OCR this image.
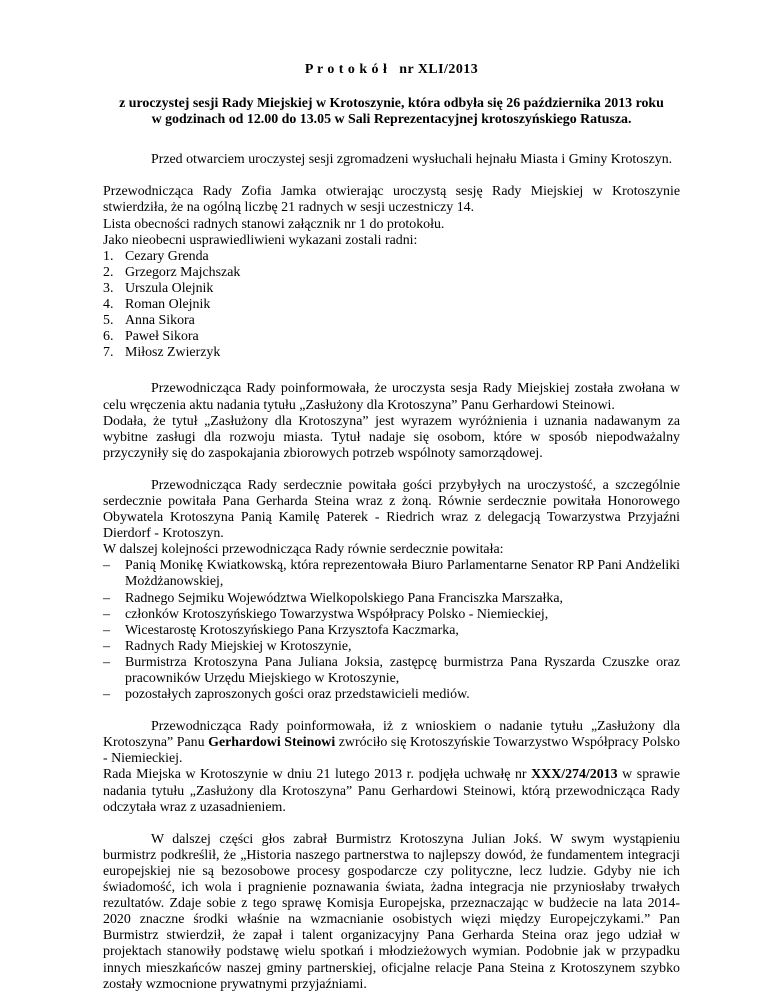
P r o t o k ó ł   nr XLI/2013

z uroczystej sesji Rady Miejskiej w Krotoszynie, która odbyła się 26 października 2013 roku
w godzinach od 12.00 do 13.05 w Sali Reprezentacyjnej krotoszyńskiego Ratusza.

Przed otwarciem uroczystej sesji zgromadzeni wysłuchali hejnału Miasta i Gminy Krotoszyn.

Przewodnicząca Rady Zofia Jamka otwierając uroczystą sesję Rady Miejskiej w Krotoszynie stwierdziła, że na ogólną liczbę 21 radnych w sesji uczestniczy 14.

Lista obecności radnych stanowi załącznik nr 1 do protokołu.

Jako nieobecni usprawiedliwieni wykazani zostali radni:

1. Cezary Grenda
2. Grzegorz Majchszak
3. Urszula Olejnik
4. Roman Olejnik
5. Anna Sikora
6. Paweł Sikora
7. Miłosz Zwierzyk

Przewodnicząca Rady poinformowała, że uroczysta sesja Rady Miejskiej została zwołana w celu wręczenia aktu nadania tytułu „Zasłużony dla Krotoszyna” Panu Gerhardowi Steinowi.

Dodała, że tytuł „Zasłużony dla Krotoszyna” jest wyrazem wyróżnienia i uznania nadawanym za wybitne zasługi dla rozwoju miasta. Tytuł nadaje się osobom, które w sposób niepodważalny przyczyniły się do zaspokajania zbiorowych potrzeb wspólnoty samorządowej.

Przewodnicząca Rady serdecznie powitała gości przybyłych na uroczystość, a szczególnie serdecznie powitała Pana Gerharda Steina wraz z żoną. Równie serdecznie powitała Honorowego Obywatela Krotoszyna Panią Kamilę Paterek - Riedrich wraz z delegacją Towarzystwa Przyjaźni Dierdorf - Krotoszyn.

W dalszej kolejności przewodnicząca Rady równie serdecznie powitała:

–	Panią Monikę Kwiatkowską, która reprezentowała Biuro Parlamentarne Senator RP Pani Andżeliki Możdżanowskiej,
–	Radnego Sejmiku Województwa Wielkopolskiego Pana Franciszka Marszałka,
–	członków Krotoszyńskiego Towarzystwa Współpracy Polsko - Niemieckiej,
–	Wicestarostę Krotoszyńskiego Pana Krzysztofa Kaczmarka,
–	Radnych Rady Miejskiej w Krotoszynie,
–	Burmistrza Krotoszyna Pana Juliana Joksia, zastępcę burmistrza Pana Ryszarda Czuszke oraz pracowników Urzędu Miejskiego w Krotoszynie,
–	pozostałych zaproszonych gości oraz przedstawicieli mediów.

Przewodnicząca Rady poinformowała, iż z wnioskiem o nadanie tytułu „Zasłużony dla Krotoszyna” Panu Gerhardowi Steinowi zwróciło się Krotoszyńskie Towarzystwo Współpracy Polsko - Niemieckiej.

Rada Miejska w Krotoszynie w dniu 21 lutego 2013 r. podjęła uchwałę nr XXX/274/2013 w sprawie nadania tytułu „Zasłużony dla Krotoszyna” Panu Gerhardowi Steinowi, którą przewodnicząca Rady odczytała wraz z uzasadnieniem.

W dalszej części głos zabrał Burmistrz Krotoszyna Julian Jokś. W swym wystąpieniu burmistrz podkreślił, że „Historia naszego partnerstwa to najlepszy dowód, że fundamentem integracji europejskiej nie są bezosobowe procesy gospodarcze czy polityczne, lecz ludzie. Gdyby nie ich świadomość, ich wola i pragnienie poznawania świata, żadna integracja nie przyniosłaby trwałych rezultatów. Zdaje sobie z tego sprawę Komisja Europejska, przeznaczając w budżecie na lata 2014-2020 znaczne środki właśnie na wzmacnianie osobistych więzi między Europejczykami.” Pan Burmistrz stwierdził, że zapał i talent organizacyjny Pana Gerharda Steina oraz jego udział w projektach stanowiły podstawę wielu spotkań i młodzieżowych wymian. Podobnie jak w przypadku innych mieszkańców naszej gminy partnerskiej, oficjalne relacje Pana Steina z Krotoszynem szybko zostały wzmocnione prywatnymi przyjaźniami.
